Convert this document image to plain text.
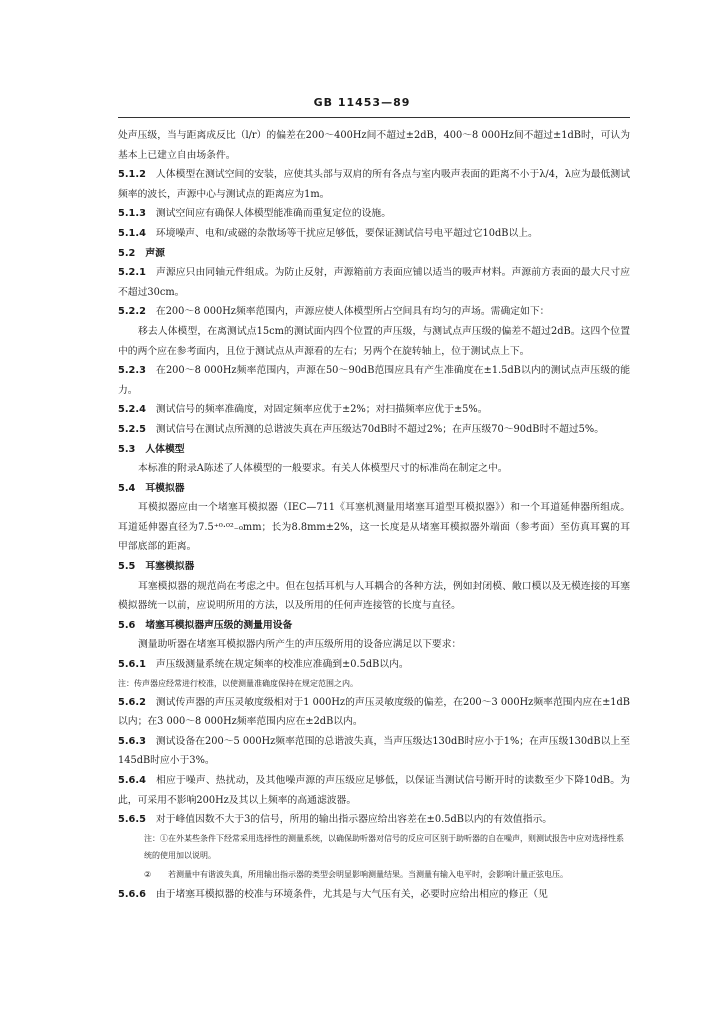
GB 11453—89

处声压级，当与距离成反比（l/r）的偏差在200～400Hz间不超过±2dB，400～8 000Hz间不超过±1dB时，可认为基本上已建立自由场条件。

5.1.2 人体模型在测试空间的安装，应使其头部与双肩的所有各点与室内吸声表面的距离不小于λ/4，λ应为最低测试频率的波长，声源中心与测试点的距离应为1m。

5.1.3 测试空间应有确保人体模型能准确而重复定位的设施。

5.1.4 环境噪声、电和/或磁的杂散场等干扰应足够低，要保证测试信号电平超过它10dB以上。

5.2 声源

5.2.1 声源应只由同轴元件组成。为防止反射，声源箱前方表面应铺以适当的吸声材料。声源前方表面的最大尺寸应不超过30cm。

5.2.2 在200～8 000Hz频率范围内，声源应使人体模型所占空间具有均匀的声场。需确定如下：

移去人体模型，在离测试点15cm的测试面内四个位置的声压级，与测试点声压级的偏差不超过2dB。这四个位置中的两个应在参考面内，且位于测试点从声源看的左右；另两个在旋转轴上，位于测试点上下。

5.2.3 在200～8 000Hz频率范围内，声源在50～90dB范围应具有产生准确度在±1.5dB以内的测试点声压级的能力。

5.2.4 测试信号的频率准确度，对固定频率应优于±2%；对扫描频率应优于±5%。

5.2.5 测试信号在测试点所测的总谐波失真在声压级达70dB时不超过2%；在声压级70～90dB时不超过5%。

5.3 人体模型

本标准的附录A陈述了人体模型的一般要求。有关人体模型尺寸的标准尚在制定之中。

5.4 耳模拟器

耳模拟器应由一个堵塞耳模拟器（IEC—711《耳塞机测量用堵塞耳道型耳模拟器》）和一个耳道延伸器所组成。耳道延伸器直径为7.5⁺⁰·⁰²₋₀mm；长为8.8mm±2%，这一长度是从堵塞耳模拟器外端面（参考面）至仿真耳翼的耳甲部底部的距离。

5.5 耳塞模拟器

耳塞模拟器的规范尚在考虑之中。但在包括耳机与人耳耦合的各种方法，例如封闭模、敞口模以及无模连接的耳塞模拟器统一以前，应说明所用的方法，以及所用的任何声连接管的长度与直径。

5.6 堵塞耳模拟器声压级的测量用设备

测量助听器在堵塞耳模拟器内所产生的声压级所用的设备应满足以下要求：

5.6.1 声压级测量系统在规定频率的校准应准确到±0.5dB以内。

注：传声器应经常进行校准，以使测量准确度保持在规定范围之内。

5.6.2 测试传声器的声压灵敏度级相对于1 000Hz的声压灵敏度级的偏差，在200～3 000Hz频率范围内应在±1dB以内；在3 000～8 000Hz频率范围内应在±2dB以内。

5.6.3 测试设备在200～5 000Hz频率范围的总谐波失真，当声压级达130dB时应小于1%；在声压级130dB以上至145dB时应小于3%。

5.6.4 相应于噪声、热扰动，及其他噪声源的声压级应足够低，以保证当测试信号断开时的读数至少下降10dB。为此，可采用不影响200Hz及其以上频率的高通滤波器。

5.6.5 对于峰值因数不大于3的信号，所用的输出指示器应给出容差在±0.5dB以内的有效值指示。

注：①在外某些条件下经常采用选择性的测量系统，以确保助听器对信号的反应可区别于助听器的自在噪声，则测试报告中应对选择性系统的使用加以说明。

② 若测量中有谐波失真，所用输出指示器的类型会明显影响测量结果。当测量有输入电平时，会影响计量正弦电压。

5.6.6 由于堵塞耳模拟器的校准与环境条件，尤其是与大气压有关，必要时应给出相应的修正（见
